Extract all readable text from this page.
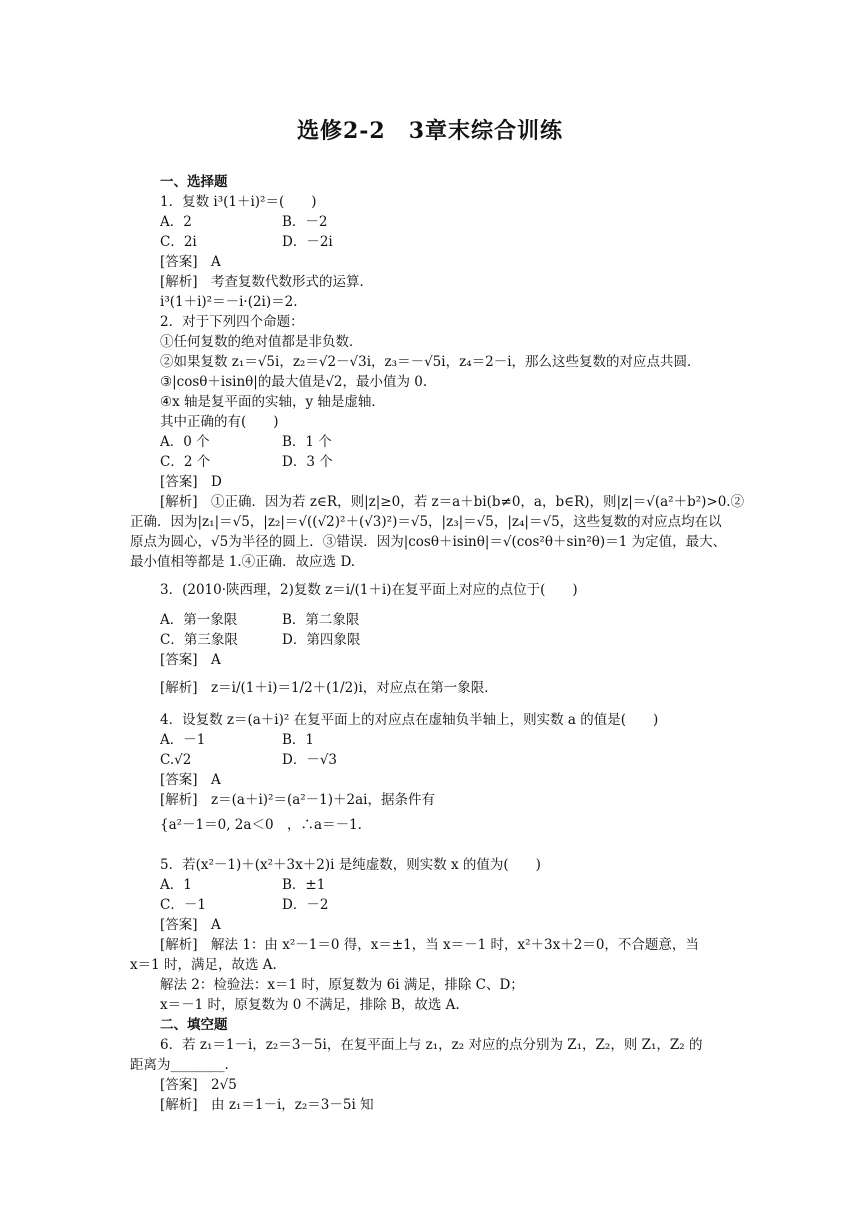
选修2-2　3章末综合训练
一、选择题
1．复数 i³(1＋i)²＝(　　)
A．2	B．－2
C．2i	D．－2i
[答案]　A
[解析]　考查复数代数形式的运算．
i³(1＋i)²＝－i·(2i)＝2.
2．对于下列四个命题：
①任何复数的绝对值都是非负数．
②如果复数 z₁＝√5i，z₂＝√2－√3i，z₃＝－√5i，z₄＝2－i，那么这些复数的对应点共圆．
③|cosθ＋isinθ|的最大值是√2，最小值为 0.
④x 轴是复平面的实轴，y 轴是虚轴．
其中正确的有(　　)
A．0 个	B．1 个
C．2 个	D．3 个
[答案]　D
[解析]　①正确．因为若 z∈R，则|z|≥0，若 z＝a＋bi(b≠0，a，b∈R)，则|z|＝√(a²＋b²)>0.②
正确．因为|z₁|＝√5，|z₂|＝√((√2)²＋(√3)²)＝√5，|z₃|＝√5，|z₄|＝√5，这些复数的对应点均在以
原点为圆心，√5为半径的圆上．③错误．因为|cosθ＋isinθ|＝√(cos²θ＋sin²θ)＝1 为定值，最大、
最小值相等都是 1.④正确．故应选 D.
3．(2010·陕西理，2)复数 z＝i/(1＋i)在复平面上对应的点位于(　　)
A．第一象限	B．第二象限
C．第三象限	D．第四象限
[答案]　A
[解析]　z＝i/(1＋i)＝1/2＋(1/2)i，对应点在第一象限．
4．设复数 z＝(a＋i)² 在复平面上的对应点在虚轴负半轴上，则实数 a 的值是(　　)
A．－1	B．1
C.√2	D．－√3
[答案]　A
[解析]　z＝(a＋i)²＝(a²－1)＋2ai，据条件有
{a²－1＝0, 2a＜0　，∴a＝－1.
5．若(x²－1)＋(x²＋3x＋2)i 是纯虚数，则实数 x 的值为(　　)
A．1	B．±1
C．－1	D．－2
[答案]　A
[解析]　解法 1：由 x²－1＝0 得，x＝±1，当 x＝－1 时，x²＋3x＋2＝0，不合题意，当
x＝1 时，满足，故选 A.
解法 2：检验法：x＝1 时，原复数为 6i 满足，排除 C、D；
x＝－1 时，原复数为 0 不满足，排除 B，故选 A.
二、填空题
6．若 z₁＝1－i，z₂＝3－5i，在复平面上与 z₁，z₂ 对应的点分别为 Z₁，Z₂，则 Z₁，Z₂ 的
距离为________.
[答案]　2√5
[解析]　由 z₁＝1－i，z₂＝3－5i 知
